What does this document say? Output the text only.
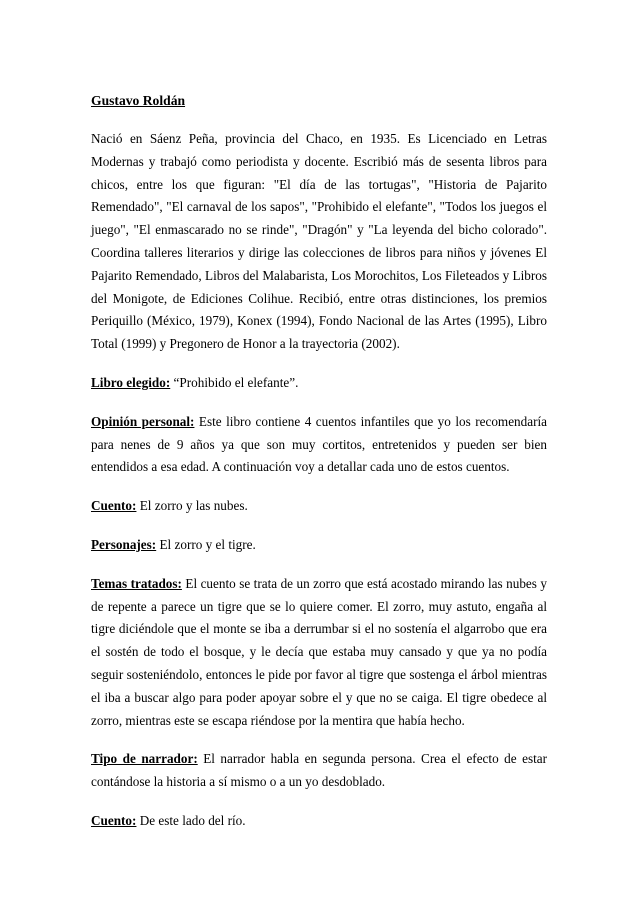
Gustavo Roldán

Nació en Sáenz Peña, provincia del Chaco, en 1935. Es Licenciado en Letras Modernas y trabajó como periodista y docente. Escribió más de sesenta libros para chicos, entre los que figuran: "El día de las tortugas", "Historia de Pajarito Remendado", "El carnaval de los sapos", "Prohibido el elefante", "Todos los juegos el juego", "El enmascarado no se rinde", "Dragón" y "La leyenda del bicho colorado". Coordina talleres literarios y dirige las colecciones de libros para niños y jóvenes El Pajarito Remendado, Libros del Malabarista, Los Morochitos, Los Fileteados y Libros del Monigote, de Ediciones Colihue. Recibió, entre otras distinciones, los premios Periquillo (México, 1979), Konex (1994), Fondo Nacional de las Artes (1995), Libro Total (1999) y Pregonero de Honor a la trayectoria (2002).

Libro elegido: “Prohibido el elefante”.

Opinión personal: Este libro contiene 4 cuentos infantiles que yo los recomendaría para nenes de 9 años ya que son muy cortitos, entretenidos y pueden ser bien entendidos a esa edad. A continuación voy a detallar cada uno de estos cuentos.

Cuento: El zorro y las nubes.

Personajes: El zorro y el tigre.

Temas tratados: El cuento se trata de un zorro que está acostado mirando las nubes y de repente a parece un tigre que se lo quiere comer. El zorro, muy astuto, engaña al tigre diciéndole que el monte se iba a derrumbar si el no sostenía el algarrobo que era el sostén de todo el bosque, y le decía que estaba muy cansado y que ya no podía seguir sosteniéndolo, entonces le pide por favor al tigre que sostenga el árbol mientras el iba a buscar algo para poder apoyar sobre el y que no se caiga. El tigre obedece al zorro, mientras este se escapa riéndose por la mentira que había hecho.

Tipo de narrador: El narrador habla en segunda persona. Crea el efecto de estar contándose la historia a sí mismo o a un yo desdoblado.

Cuento: De este lado del río.
